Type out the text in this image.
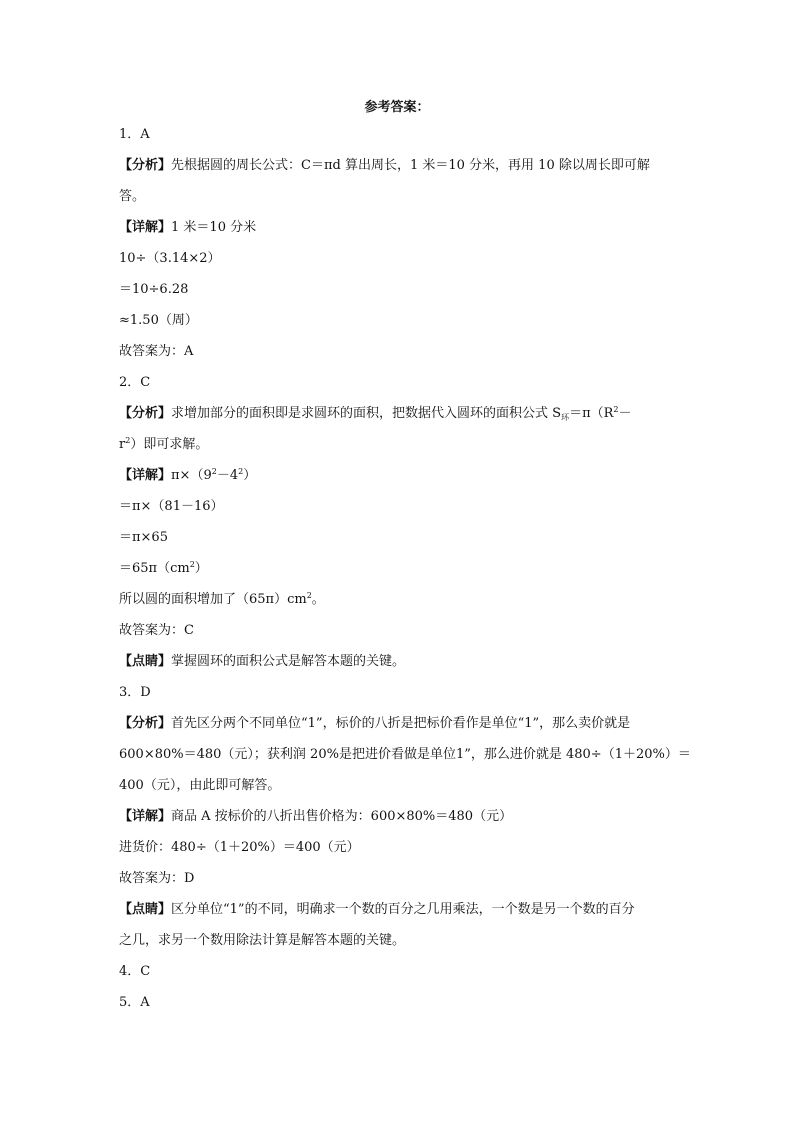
参考答案：
1．A
【分析】先根据圆的周长公式：C＝πd 算出周长，1 米＝10 分米，再用 10 除以周长即可解
答。
【详解】1 米＝10 分米
10÷（3.14×2）
＝10÷6.28
≈1.50（周）
故答案为：A
2．C
【分析】求增加部分的面积即是求圆环的面积，把数据代入圆环的面积公式 $S_环=\pi(R^2-$
$r^2$）即可求解。
【详解】$\pi\times(9^2-4^2)$
＝π×（81－16）
＝π×65
$=65\pi(cm^2)$
所以圆的面积增加了$(65\pi)cm^2$。
故答案为：C
【点睛】掌握圆环的面积公式是解答本题的关键。
3．D
【分析】首先区分两个不同单位“1”，标价的八折是把标价看作是单位“1”，那么卖价就是
600×80%＝480（元）；获利润 20%是把进价看做是单位1”，那么进价就是 480÷（1＋20%）＝
400（元），由此即可解答。
【详解】商品 A 按标价的八折出售价格为：600×80%＝480（元）
进货价：480÷（1＋20%）＝400（元）
故答案为：D
【点睛】区分单位“1”的不同，明确求一个数的百分之几用乘法，一个数是另一个数的百分
之几，求另一个数用除法计算是解答本题的关键。
4．C
5．A
